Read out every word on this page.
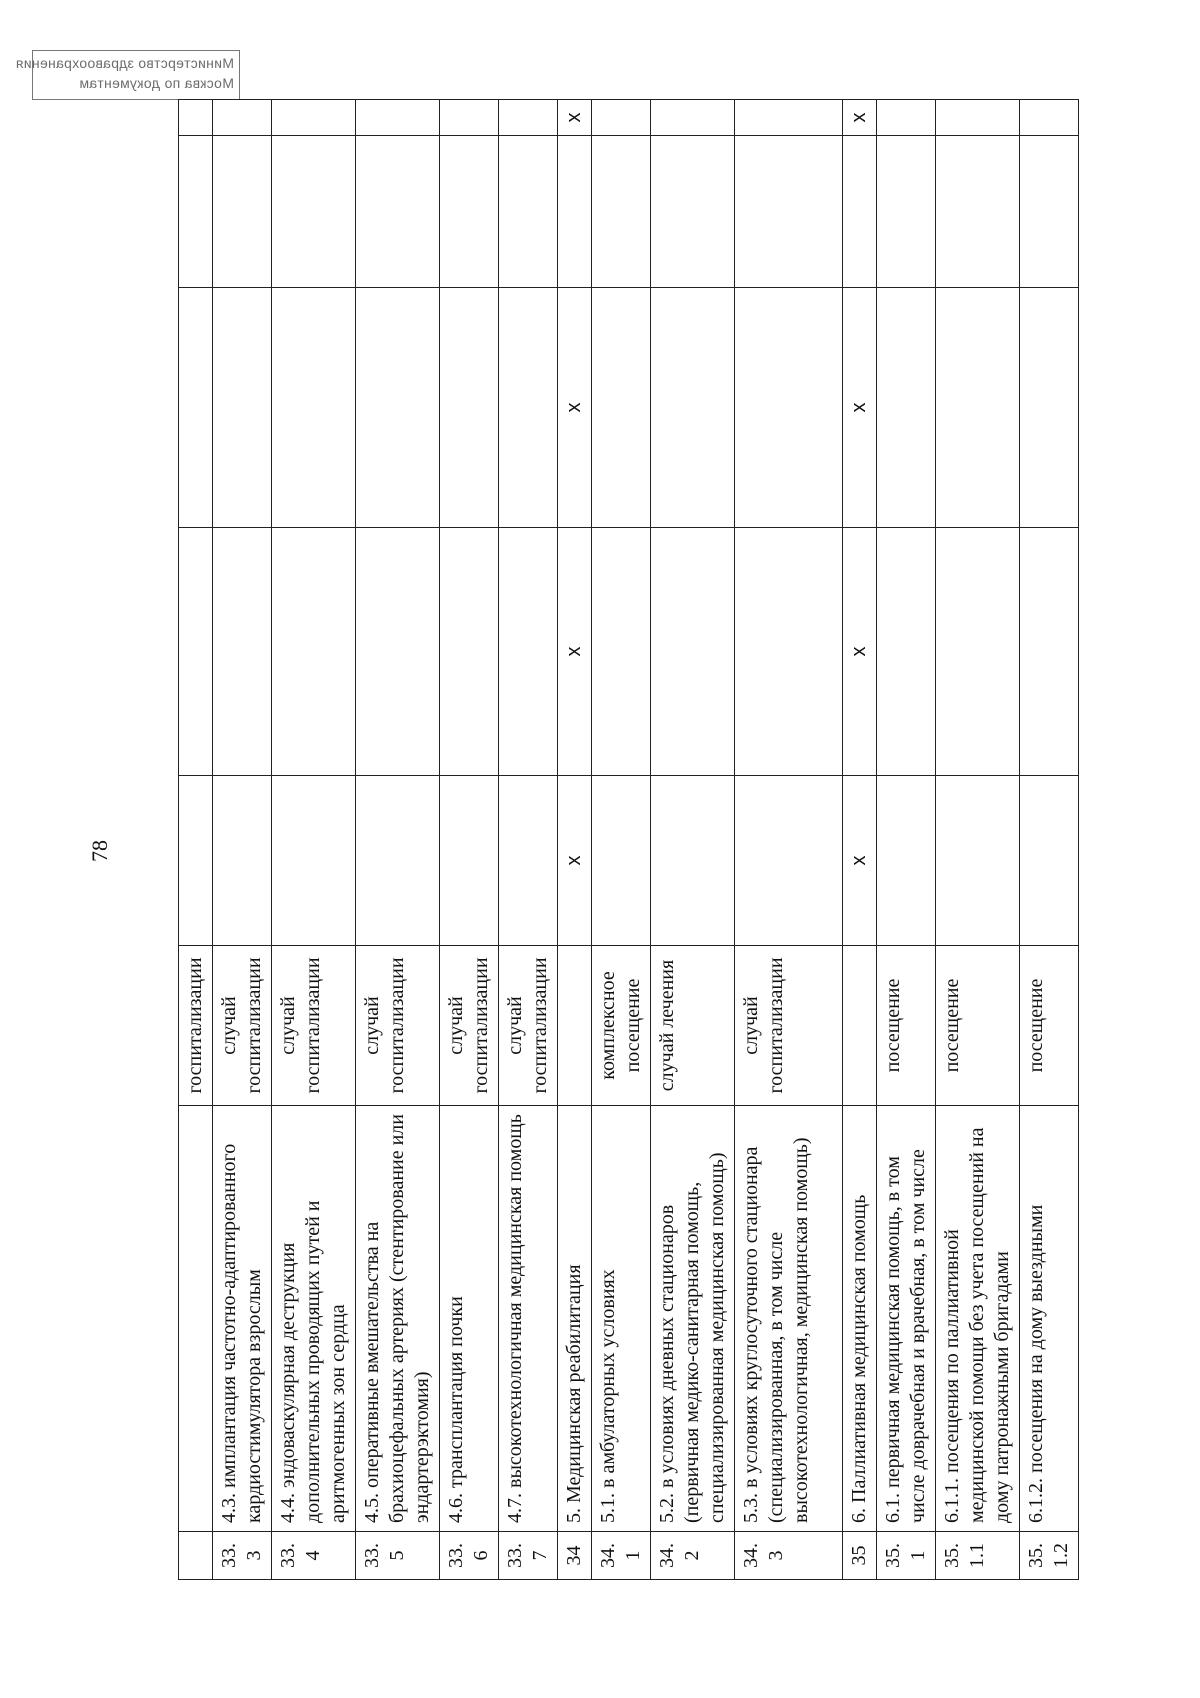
Министерство здравоохранения
Москва по документам
78
		госпитализации					
33.3	4.3. имплантация частотно-адаптированного кардиостимулятора взрослым	случай госпитализации					
33.4	4.4. эндоваскулярная деструкция дополнительных проводящих путей и аритмогенных зон сердца	случай госпитализации					
33.5	4.5. оперативные вмешательства на брахиоцефальных артериях (стентирование или эндартерэктомия)	случай госпитализации					
33.6	4.6. трансплантация почки	случай госпитализации					
33.7	4.7. высокотехнологичная медицинская помощь	случай госпитализации					
34	5. Медицинская реабилитация		x	x	x		x
34.1	5.1. в амбулаторных условиях	комплексное посещение					
34.2	5.2. в условиях дневных стационаров (первичная медико-санитарная помощь, специализированная медицинская помощь)	случай лечения					
34.3	5.3. в условиях круглосуточного стационара (специализированная, в том числе высокотехнологичная, медицинская помощь)	случай госпитализации					
35	6. Паллиативная медицинская помощь		x	x	x		x
35.1	6.1. первичная медицинская помощь, в том числе доврачебная и врачебная, в том числе	посещение					
35.1.1	6.1.1. посещения по паллиативной медицинской помощи без учета посещений на дому патронажными бригадами	посещение					
35.1.2	6.1.2. посещения на дому выездными	посещение					
